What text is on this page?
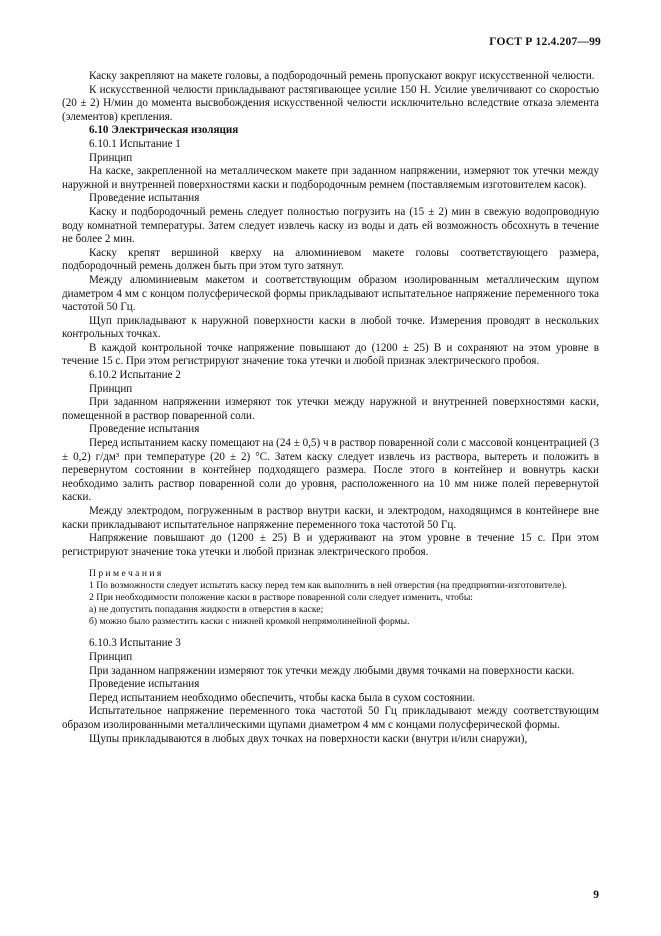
ГОСТ Р 12.4.207—99

Каску закрепляют на макете головы, а подбородочный ремень пропускают вокруг искусственной челюсти.

К искусственной челюсти прикладывают растягивающее усилие 150 Н. Усилие увеличивают со скоростью (20 ± 2) Н/мин до момента высвобождения искусственной челюсти исключительно вследствие отказа элемента (элементов) крепления.

6.10 Электрическая изоляция

6.10.1 Испытание 1

Принцип

На каске, закрепленной на металлическом макете при заданном напряжении, измеряют ток утечки между наружной и внутренней поверхностями каски и подбородочным ремнем (поставляемым изготовителем касок).

Проведение испытания

Каску и подбородочный ремень следует полностью погрузить на (15 ± 2) мин в свежую водопроводную воду комнатной температуры. Затем следует извлечь каску из воды и дать ей возможность обсохнуть в течение не более 2 мин.

Каску крепят вершиной кверху на алюминиевом макете головы соответствующего размера, подбородочный ремень должен быть при этом туго затянут.

Между алюминиевым макетом и соответствующим образом изолированным металлическим щупом диаметром 4 мм с концом полусферической формы прикладывают испытательное напряжение переменного тока частотой 50 Гц.

Щуп прикладывают к наружной поверхности каски в любой точке. Измерения проводят в нескольких контрольных точках.

В каждой контрольной точке напряжение повышают до (1200 ± 25) В и сохраняют на этом уровне в течение 15 с. При этом регистрируют значение тока утечки и любой признак электрического пробоя.

6.10.2 Испытание 2

Принцип

При заданном напряжении измеряют ток утечки между наружной и внутренней поверхностями каски, помещенной в раствор поваренной соли.

Проведение испытания

Перед испытанием каску помещают на (24 ± 0,5) ч в раствор поваренной соли с массовой концентрацией (3 ± 0,2) г/дм³ при температуре (20 ± 2) °С. Затем каску следует извлечь из раствора, вытереть и положить в перевернутом состоянии в контейнер подходящего размера. После этого в контейнер и вовнутрь каски необходимо залить раствор поваренной соли до уровня, расположенного на 10 мм ниже полей перевернутой каски.

Между электродом, погруженным в раствор внутри каски, и электродом, находящимся в контейнере вне каски прикладывают испытательное напряжение переменного тока частотой 50 Гц.

Напряжение повышают до (1200 ± 25) В и удерживают на этом уровне в течение 15 с. При этом регистрируют значение тока утечки и любой признак электрического пробоя.

Примечания

1 По возможности следует испытать каску перед тем как выполнить в ней отверстия (на предприятии-изготовителе).

2 При необходимости положение каски в растворе поваренной соли следует изменить, чтобы:

а) не допустить попадания жидкости в отверстия в каске;

б) можно было разместить каски с нижней кромкой непрямолинейной формы.

6.10.3 Испытание 3

Принцип

При заданном напряжении измеряют ток утечки между любыми двумя точками на поверхности каски.

Проведение испытания

Перед испытанием необходимо обеспечить, чтобы каска была в сухом состоянии.

Испытательное напряжение переменного тока частотой 50 Гц прикладывают между соответствующим образом изолированными металлическими щупами диаметром 4 мм с концами полусферической формы.

Щупы прикладываются в любых двух точках на поверхности каски (внутри и/или снаружи),

9
